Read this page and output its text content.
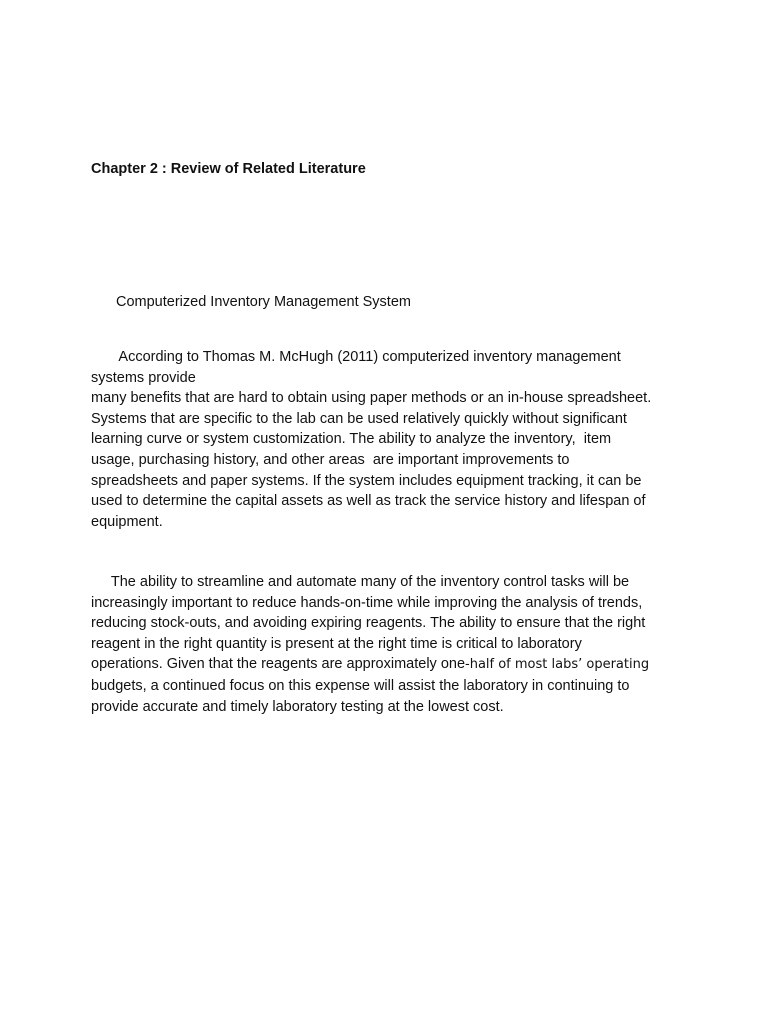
Chapter 2 : Review of Related Literature
Computerized Inventory Management System
According to Thomas M. McHugh (2011) computerized inventory management
systems provide
many benefits that are hard to obtain using paper methods or an in-house spreadsheet.
Systems that are specific to the lab can be used relatively quickly without significant
learning curve or system customization. The ability to analyze the inventory,  item
usage, purchasing history, and other areas  are important improvements to
spreadsheets and paper systems. If the system includes equipment tracking, it can be
used to determine the capital assets as well as track the service history and lifespan of
equipment.
The ability to streamline and automate many of the inventory control tasks will be
increasingly important to reduce hands-on-time while improving the analysis of trends,
reducing stock-outs, and avoiding expiring reagents. The ability to ensure that the right
reagent in the right quantity is present at the right time is critical to laboratory
operations. Given that the reagents are approximately one-half of most labs’ operating
budgets, a continued focus on this expense will assist the laboratory in continuing to
provide accurate and timely laboratory testing at the lowest cost.
